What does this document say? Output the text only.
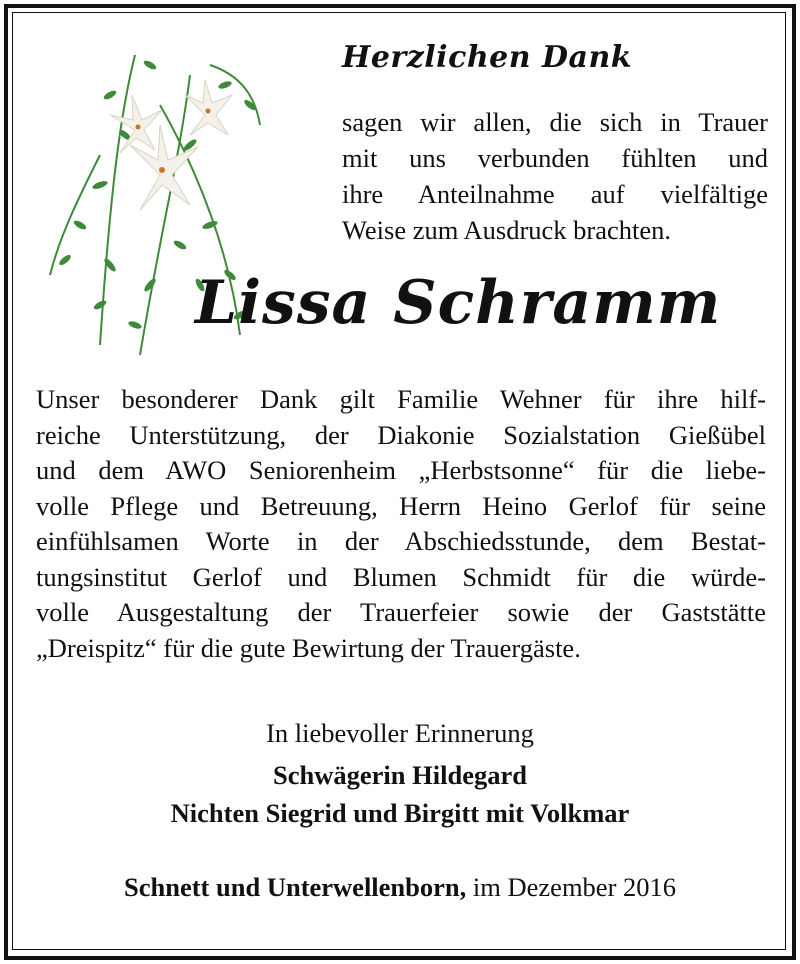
Herzlichen Dank
sagen wir allen, die sich in Trauer
mit uns verbunden fühlten und
ihre Anteilnahme auf vielfältige
Weise zum Ausdruck brachten.
Lissa Schramm
Unser besonderer Dank gilt Familie Wehner für ihre hilf-
reiche Unterstützung, der Diakonie Sozialstation Gießübel
und dem AWO Seniorenheim „Herbstsonne“ für die liebe-
volle Pflege und Betreuung, Herrn Heino Gerlof für seine
einfühlsamen Worte in der Abschiedsstunde, dem Bestat-
tungsinstitut Gerlof und Blumen Schmidt für die würde-
volle Ausgestaltung der Trauerfeier sowie der Gaststätte
„Dreispitz“ für die gute Bewirtung der Trauergäste.
In liebevoller Erinnerung
Schwägerin Hildegard
Nichten Siegrid und Birgitt mit Volkmar
Schnett und Unterwellenborn, im Dezember 2016
